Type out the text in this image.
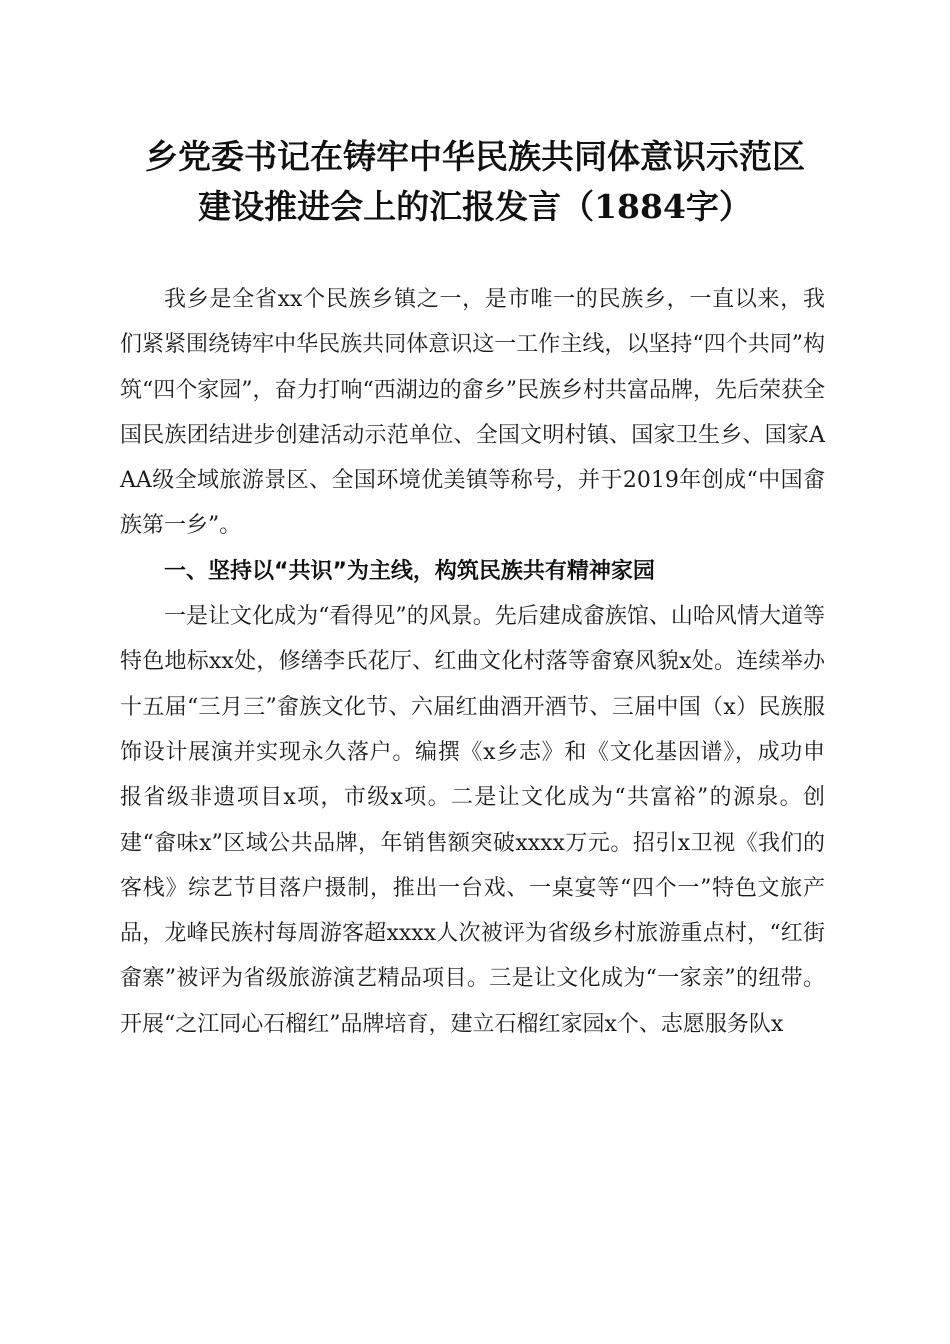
乡党委书记在铸牢中华民族共同体意识示范区
建设推进会上的汇报发言（1884字）

我乡是全省xx个民族乡镇之一，是市唯一的民族乡，一直以来，我们紧紧围绕铸牢中华民族共同体意识这一工作主线，以坚持“四个共同”构筑“四个家园”，奋力打响“西湖边的畲乡”民族乡村共富品牌，先后荣获全国民族团结进步创建活动示范单位、全国文明村镇、国家卫生乡、国家AAA级全域旅游景区、全国环境优美镇等称号，并于2019年创成“中国畲族第一乡”。

一、坚持以“共识”为主线，构筑民族共有精神家园

一是让文化成为“看得见”的风景。先后建成畲族馆、山哈风情大道等特色地标xx处，修缮李氏花厅、红曲文化村落等畲寮风貌x处。连续举办十五届“三月三”畲族文化节、六届红曲酒开酒节、三届中国（x）民族服饰设计展演并实现永久落户。编撰《x乡志》和《文化基因谱》，成功申报省级非遗项目x项，市级x项。二是让文化成为“共富裕”的源泉。创建“畲味x”区域公共品牌，年销售额突破xxxx万元。招引x卫视《我们的客栈》综艺节目落户摄制，推出一台戏、一桌宴等“四个一”特色文旅产品，龙峰民族村每周游客超xxxx人次被评为省级乡村旅游重点村，“红街畲寨”被评为省级旅游演艺精品项目。三是让文化成为“一家亲”的纽带。开展“之江同心石榴红”品牌培育，建立石榴红家园x个、志愿服务队x
